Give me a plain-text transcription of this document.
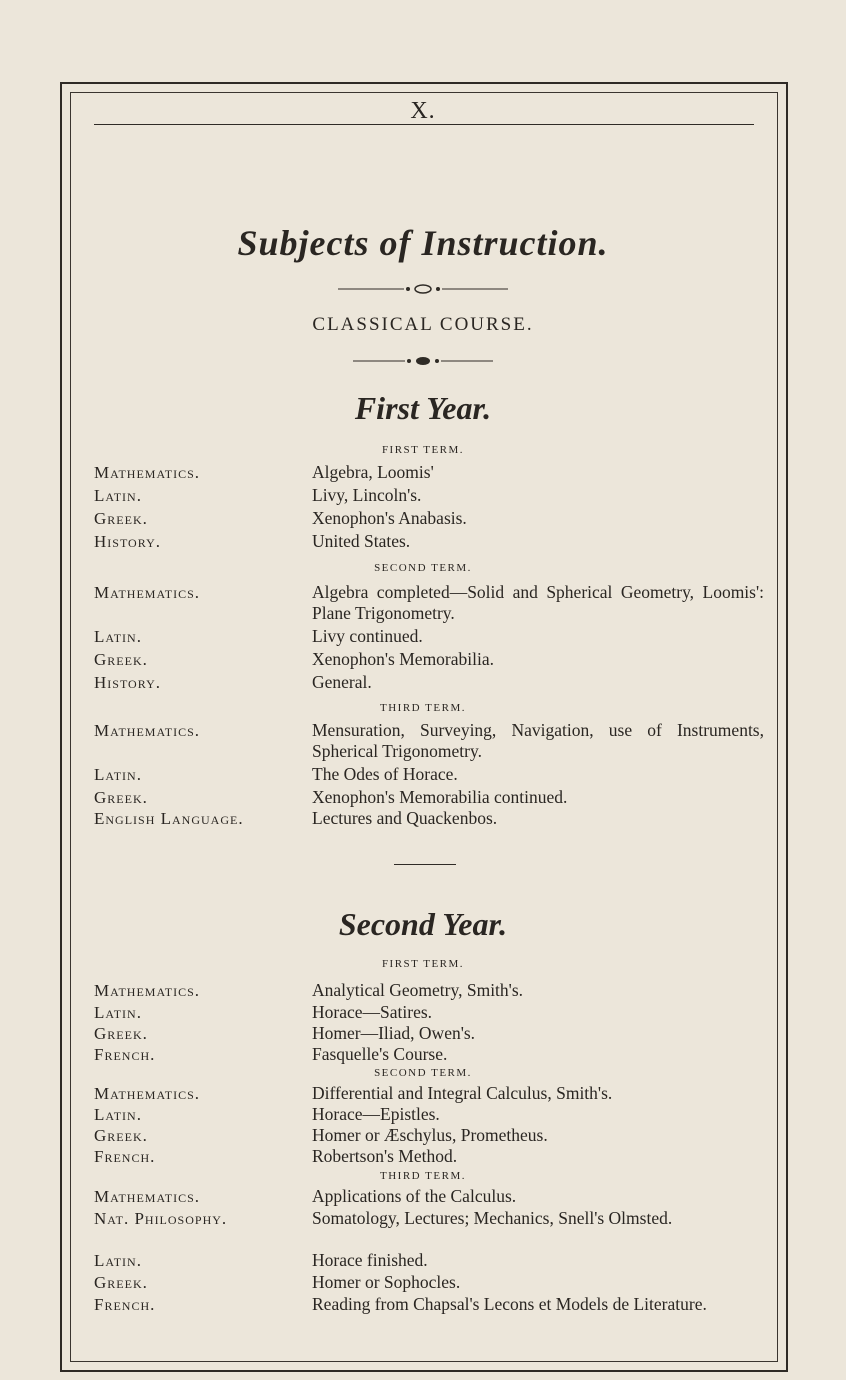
X.
Subjects of Instruction.
CLASSICAL COURSE.
First Year.
FIRST TERM.
Mathematics.	Algebra, Loomis'
Latin.	Livy, Lincoln's.
Greek.	Xenophon's Anabasis.
History.	United States.
SECOND TERM.
Mathematics.	Algebra completed—Solid and Spherical Geometry, Loomis': Plane Trigonometry.
Latin.	Livy continued.
Greek.	Xenophon's Memorabilia.
History.	General.
THIRD TERM.
Mathematics.	Mensuration, Surveying, Navigation, use of Instruments, Spherical Trigonometry.
Latin.	The Odes of Horace.
Greek.	Xenophon's Memorabilia continued.
English Language.	Lectures and Quackenbos.
Second Year.
FIRST TERM.
Mathematics.	Analytical Geometry, Smith's.
Latin.	Horace—Satires.
Greek.	Homer—Iliad, Owen's.
French.	Fasquelle's Course.
SECOND TERM.
Mathematics.	Differential and Integral Calculus, Smith's.
Latin.	Horace—Epistles.
Greek.	Homer or Æschylus, Prometheus.
French.	Robertson's Method.
THIRD TERM.
Mathematics.	Applications of the Calculus.
Nat. Philosophy.	Somatology, Lectures; Mechanics, Snell's Olmsted.
Latin.	Horace finished.
Greek.	Homer or Sophocles.
French.	Reading from Chapsal's Lecons et Models de Literature.
